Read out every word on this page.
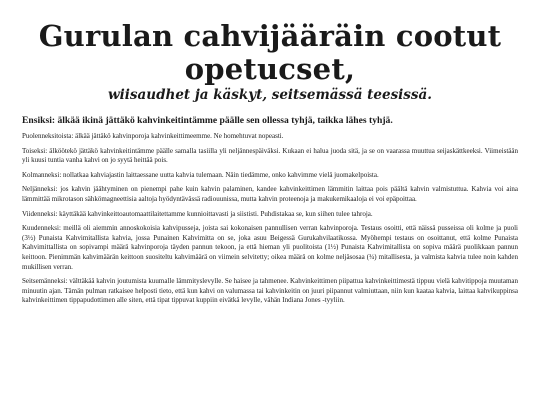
Gurulan cahvijääräin cootut
opetucset,
wiisaudhet ja käskyt, seitsemässä teesissä.
Ensiksi: älkää ikinä jättäkö kahvinkeitintämme päälle sen ollessa tyhjä, taikka lähes tyhjä.
Puolenneksitoista: älkää jättäkö kahvinporoja kahvinkeittimeemme. Ne homehtuvat nopeasti.
Toiseksi: älköötekö jättäkö kahvinkeitintämme päälle samalla tasiilla yli neljännespäiväksi. Kukaan ei halua juoda sitä, ja se on vaarassa muuttua seijaskättkeeksi. Viimeistään yli kuusi tuntia vanha kahvi on jo syytä heittää pois.
Kolmanneksi: nollatkaa kahviajastin laittaessane uutta kahvia tulemaan. Näin tiedämme, onko kahvimme vielä juomakelpoista.
Neljänneksi: jos kahvin jäähtyminen on pienempi pahe kuin kahvin palaminen, kandee kahvinkeittimen lämmitin laittaa pois päältä kahvin valmistuttua. Kahvia voi aina lämmittää mikrotason sähkömagneettisia aaltoja hyödyntävässä radiouunissa, mutta kahvin proteenoja ja makukemikaaloja ei voi epäpoittaa.
Viidenneksi: käyttäkää kahvinkeittoautomaattilaitettamme kunnioittavasti ja siististi. Puhdistakaa se, kun siihen tulee tahroja.
Kuudenneksi: meillä oli aiemmin annoskokoisia kahvipusseja, joista sai kokonaisen pannullisen verran kahvinporoja. Testaus osoitti, että näissä pusseissa oli kolme ja puoli (3½) Punaista Kahvimitallista kahvia, jossa Punainen Kahvimitta on se, joka asuu Beigessä Gurukahvilaatikossa. Myöhempi testaus on osoittanut, että kolme Punaista Kahvimittallista on sopivampi määrä kahvinporoja täyden pannun tekoon, ja että hieman yli puolitoista (1½) Punaista Kahvimitallista on sopiva määrä puolikkaan pannun keittoon. Pienimmän kahvimäärän keittoon suositeltu kahvimäärä on viimein selvitetty; oikea määrä on kolme neljäsosaa (¾) mitallisesta, ja valmista kahvia tulee noin kahden mukillisen verran.
Seitsemänneksi: välttäkää kahvin joutumista kuumalle lämmityslevylle. Se haisee ja tahmenee. Kahvinkeittimen piipattua kahvinkeittimestä tippuu vielä kahvitippoja muutaman minuutin ajan. Tämän pulman ratkaisee helposti tieto, että kun kahvi on valumassa tai kahvinkeitin on juuri piipannut valmiuttaan, niin kun kaataa kahvia, laittaa kahvikuppinsa kahvinkeittimen tippapudottimen alle siten, että tipat tippuvat kuppiin eivätkä levylle, vähän Indiana Jones -tyyliin.
